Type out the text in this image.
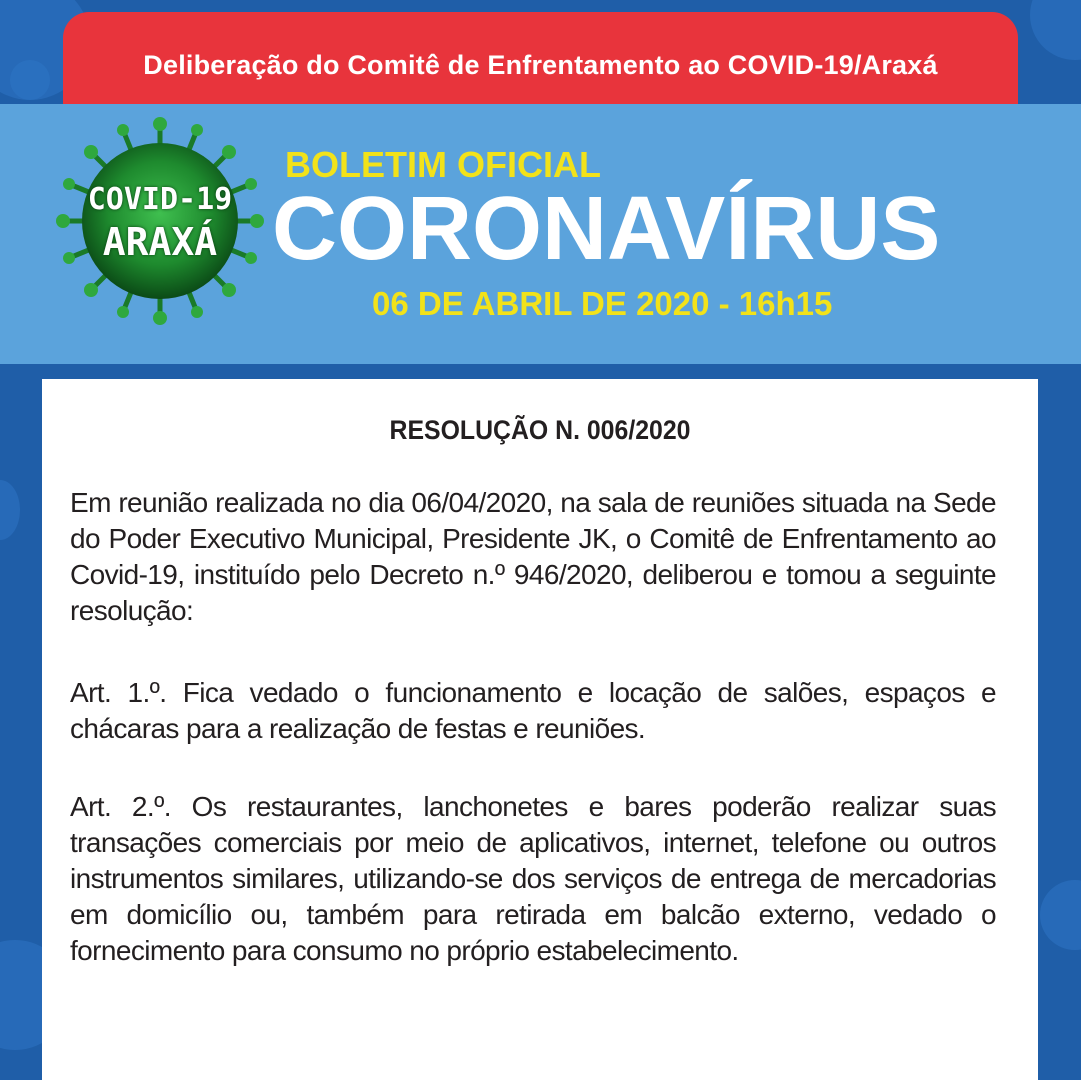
Deliberação do Comitê de Enfrentamento ao COVID-19/Araxá
COVID-19
ARAXÁ
BOLETIM OFICIAL
CORONAVÍRUS
06 DE ABRIL DE 2020 - 16h15
RESOLUÇÃO N. 006/2020
Em reunião realizada no dia 06/04/2020, na sala de reuniões situada na Sede do Poder Executivo Municipal, Presidente JK, o Comitê de Enfrentamento ao Covid-19, instituído pelo Decreto n.º 946/2020, deliberou e tomou a seguinte resolução:
Art. 1.º. Fica vedado o funcionamento e locação de salões, espaços e chácaras para a realização de festas e reuniões.
Art. 2.º. Os restaurantes, lanchonetes e bares poderão realizar suas transações comerciais por meio de aplicativos, internet, telefone ou outros instrumentos similares, utilizando-se dos serviços de entrega de mercadorias em domicílio ou, também para retirada em balcão externo, vedado o fornecimento para consumo no próprio estabelecimento.
